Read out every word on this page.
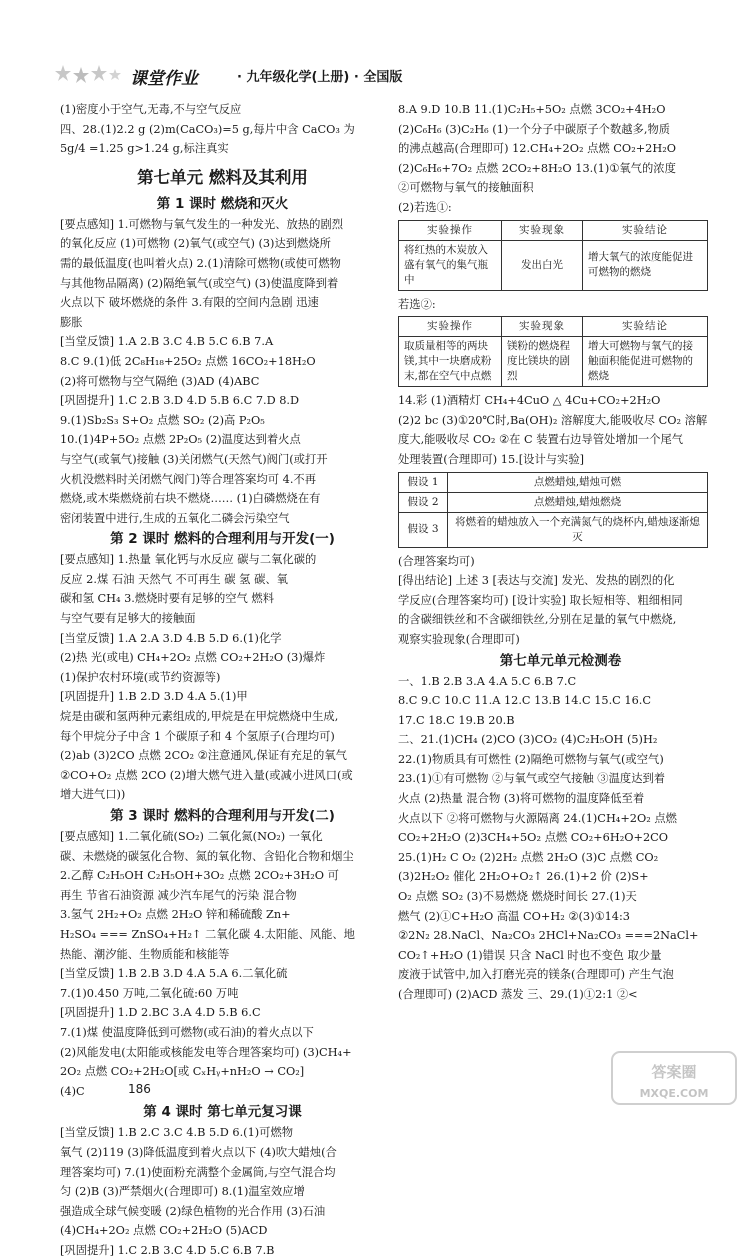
课堂作业	· 九年级化学(上册) · 全国版
(1)密度小于空气,无毒,不与空气反应
四、28.(1)2.2 g (2)m(CaCO₃)=5 g,每片中含 CaCO₃ 为
5g/4 =1.25 g>1.24 g,标注真实
第七单元 燃料及其利用
第 1 课时 燃烧和灭火
[要点感知] 1.可燃物与氧气发生的一种发光、放热的剧烈
的氧化反应 (1)可燃物 (2)氧气(或空气) (3)达到燃烧所
需的最低温度(也叫着火点) 2.(1)清除可燃物(或使可燃物
与其他物品隔离) (2)隔绝氧气(或空气) (3)使温度降到着
火点以下 破坏燃烧的条件 3.有限的空间内急剧 迅速
膨胀
[当堂反馈] 1.A 2.B 3.C 4.B 5.C 6.B 7.A
8.C 9.(1)低 2C₈H₁₈+25O₂ 点燃 16CO₂+18H₂O
(2)将可燃物与空气隔绝 (3)AD (4)ABC
[巩固提升] 1.C 2.B 3.D 4.D 5.B 6.C 7.D 8.D
9.(1)Sb₂S₃ S+O₂ 点燃 SO₂ (2)高 P₂O₅
10.(1)4P+5O₂ 点燃 2P₂O₅ (2)温度达到着火点
与空气(或氧气)接触 (3)关闭燃气(天然气)阀门(或打开
火机没燃料时关闭燃气阀门)等合理答案均可 4.不再
燃烧,或木柴燃烧前右块不燃烧…… (1)白磷燃烧在有
密闭装置中进行,生成的五氧化二磷会污染空气
第 2 课时 燃料的合理利用与开发(一)
[要点感知] 1.热量 氧化钙与水反应 碳与二氧化碳的
反应 2.煤 石油 天然气 不可再生 碳 氢 碳、氧
碳和氢 CH₄ 3.燃烧时要有足够的空气 燃料
与空气要有足够大的接触面
[当堂反馈] 1.A 2.A 3.D 4.B 5.D 6.(1)化学
(2)热 光(或电) CH₄+2O₂ 点燃 CO₂+2H₂O (3)爆炸
(1)保护农村环境(或节约资源等)
[巩固提升] 1.B 2.D 3.D 4.A 5.(1)甲
烷是由碳和氢两种元素组成的,甲烷是在甲烷燃烧中生成,
每个甲烷分子中含 1 个碳原子和 4 个氢原子(合理均可)
(2)ab (3)2CO 点燃 2CO₂ ②注意通风,保证有充足的氧气
②CO+O₂ 点燃 2CO (2)增大燃气进入量(或减小进风口(或
增大进气口))
第 3 课时 燃料的合理利用与开发(二)
[要点感知] 1.二氧化硫(SO₂) 二氧化氮(NO₂) 一氧化
碳、未燃烧的碳氢化合物、氮的氧化物、含铅化合物和烟尘
2.乙醇 C₂H₅OH C₂H₅OH+3O₂ 点燃 2CO₂+3H₂O 可
再生 节省石油资源 减少汽车尾气的污染 混合物
3.氢气 2H₂+O₂ 点燃 2H₂O 锌和稀硫酸 Zn+
H₂SO₄ === ZnSO₄+H₂↑ 二氧化碳 4.太阳能、风能、地
热能、潮汐能、生物质能和核能等
[当堂反馈] 1.B 2.B 3.D 4.A 5.A 6.二氧化硫
7.(1)0.450 万吨,二氧化硫:60 万吨
[巩固提升] 1.D 2.BC 3.A 4.D 5.B 6.C
7.(1)煤 使温度降低到可燃物(或石油)的着火点以下
(2)风能发电(太阳能或核能发电等合理答案均可) (3)CH₄+
2O₂ 点燃 CO₂+2H₂O[或 CₓHᵧ+nH₂O → CO₂]
(4)C
第 4 课时 第七单元复习课
[当堂反馈] 1.B 2.C 3.C 4.B 5.D 6.(1)可燃物
氧气 (2)119 (3)降低温度到着火点以下 (4)吹大蜡烛(合
理答案均可) 7.(1)使面粉充满整个金属筒,与空气混合均
匀 (2)B (3)严禁烟火(合理即可) 8.(1)温室效应增
强造成全球气候变暖 (2)绿色植物的光合作用 (3)石油
(4)CH₄+2O₂ 点燃 CO₂+2H₂O (5)ACD
[巩固提升] 1.C 2.B 3.C 4.D 5.C 6.B 7.B
8.A 9.D 10.B 11.(1)C₂H₅+5O₂ 点燃 3CO₂+4H₂O
(2)C₆H₆ (3)C₂H₆ (1)一个分子中碳原子个数越多,物质
的沸点越高(合理即可) 12.CH₄+2O₂ 点燃 CO₂+2H₂O
(2)C₆H₆+7O₂ 点燃 2CO₂+8H₂O 13.(1)①氧气的浓度
②可燃物与氧气的接触面积
(2)若选①:
实验操作	实验现象	实验结论
将红热的木炭放入盛有氧气的集气瓶中	发出白光	增大氧气的浓度能促进可燃物的燃烧
若选②:
实验操作	实验现象	实验结论
取质量相等的两块镁,其中一块磨成粉末,都在空气中点燃	镁粉的燃烧程度比镁块的剧烈	增大可燃物与氧气的接触面积能促进可燃物的燃烧
14.彩 (1)酒精灯 CH₄+4CuO △ 4Cu+CO₂+2H₂O
(2)2 bc (3)①20℃时,Ba(OH)₂ 溶解度大,能吸收尽 CO₂ 溶解
度大,能吸收尽 CO₂ ②在 C 装置右边导管处增加一个尾气
处理装置(合理即可) 15.[设计与实验]
假设 1	点燃蜡烛,蜡烛可燃
假设 2	点燃蜡烛,蜡烛燃烧
假设 3	将燃着的蜡烛放入一个充满氮气的烧杯内,蜡烛逐渐熄灭
(合理答案均可)
[得出结论] 上述 3 [表达与交流] 发光、发热的剧烈的化
学反应(合理答案均可) [设计实验] 取长短相等、粗细相同
的含碳细铁丝和不含碳细铁丝,分别在足量的氧气中燃烧,
观察实验现象(合理即可)
第七单元单元检测卷
一、1.B 2.B 3.A 4.A 5.C 6.B 7.C
8.C 9.C 10.C 11.A 12.C 13.B 14.C 15.C 16.C
17.C 18.C 19.B 20.B
二、21.(1)CH₄ (2)CO (3)CO₂ (4)C₂H₅OH (5)H₂
22.(1)物质具有可燃性 (2)隔绝可燃物与氧气(或空气)
23.(1)①有可燃物 ②与氧气或空气接触 ③温度达到着
火点 (2)热量 混合物 (3)将可燃物的温度降低至着
火点以下 ②将可燃物与火源隔离 24.(1)CH₄+2O₂ 点燃
CO₂+2H₂O (2)3CH₄+5O₂ 点燃 CO₂+6H₂O+2CO
25.(1)H₂ C O₂ (2)2H₂ 点燃 2H₂O (3)C 点燃 CO₂
(3)2H₂O₂ 催化 2H₂O+O₂↑ 26.(1)+2 价 (2)S+
O₂ 点燃 SO₂ (3)不易燃烧 燃烧时间长 27.(1)天
燃气 (2)①C+H₂O 高温 CO+H₂ ②(3)①14:3
②2N₂ 28.NaCl、Na₂CO₃ 2HCl+Na₂CO₃ ===2NaCl+
CO₂↑+H₂O (1)错误 只含 NaCl 时也不变色 取少量
废液于试管中,加入打磨光亮的镁条(合理即可) 产生气泡
(合理即可) (2)ACD 蒸发 三、29.(1)①2:1 ②<
186
答案圈
MXQE.COM
